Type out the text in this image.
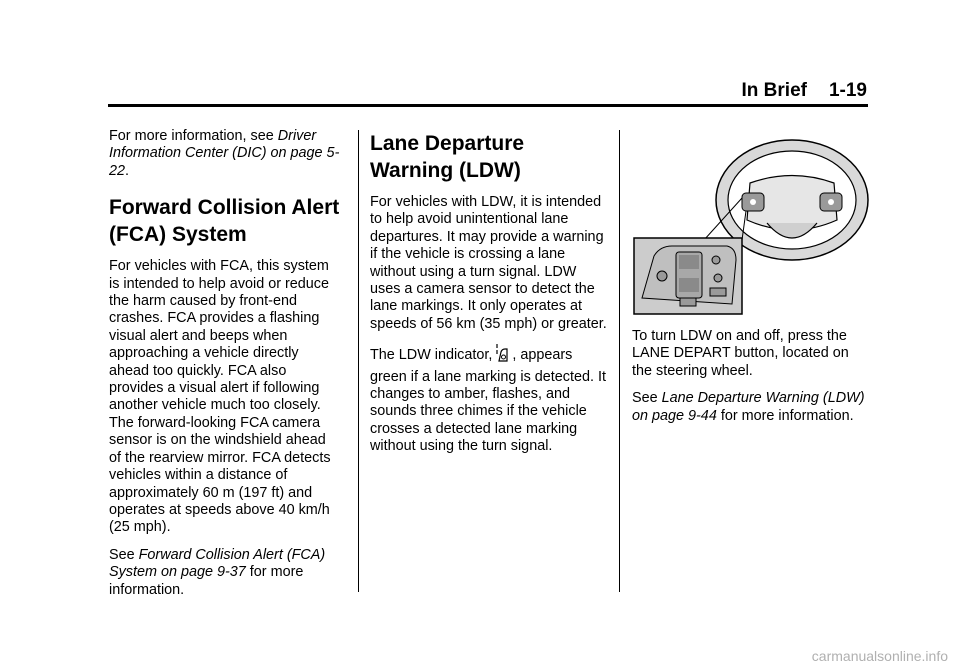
In Brief 1-19

For more information, see Driver Information Center (DIC) on page 5-22.

Forward Collision Alert (FCA) System

For vehicles with FCA, this system is intended to help avoid or reduce the harm caused by front-end crashes. FCA provides a flashing visual alert and beeps when approaching a vehicle directly ahead too quickly. FCA also provides a visual alert if following another vehicle much too closely. The forward-looking FCA camera sensor is on the windshield ahead of the rearview mirror. FCA detects vehicles within a distance of approximately 60 m (197 ft) and operates at speeds above 40 km/h (25 mph).

See Forward Collision Alert (FCA) System on page 9-37 for more information.

Lane Departure Warning (LDW)

For vehicles with LDW, it is intended to help avoid unintentional lane departures. It may provide a warning if the vehicle is crossing a lane without using a turn signal. LDW uses a camera sensor to detect the lane markings. It only operates at speeds of 56 km (35 mph) or greater.

The LDW indicator, , appears green if a lane marking is detected. It changes to amber, flashes, and sounds three chimes if the vehicle crosses a detected lane marking without using the turn signal.

To turn LDW on and off, press the LANE DEPART button, located on the steering wheel.

See Lane Departure Warning (LDW) on page 9-44 for more information.

carmanualsonline.info
